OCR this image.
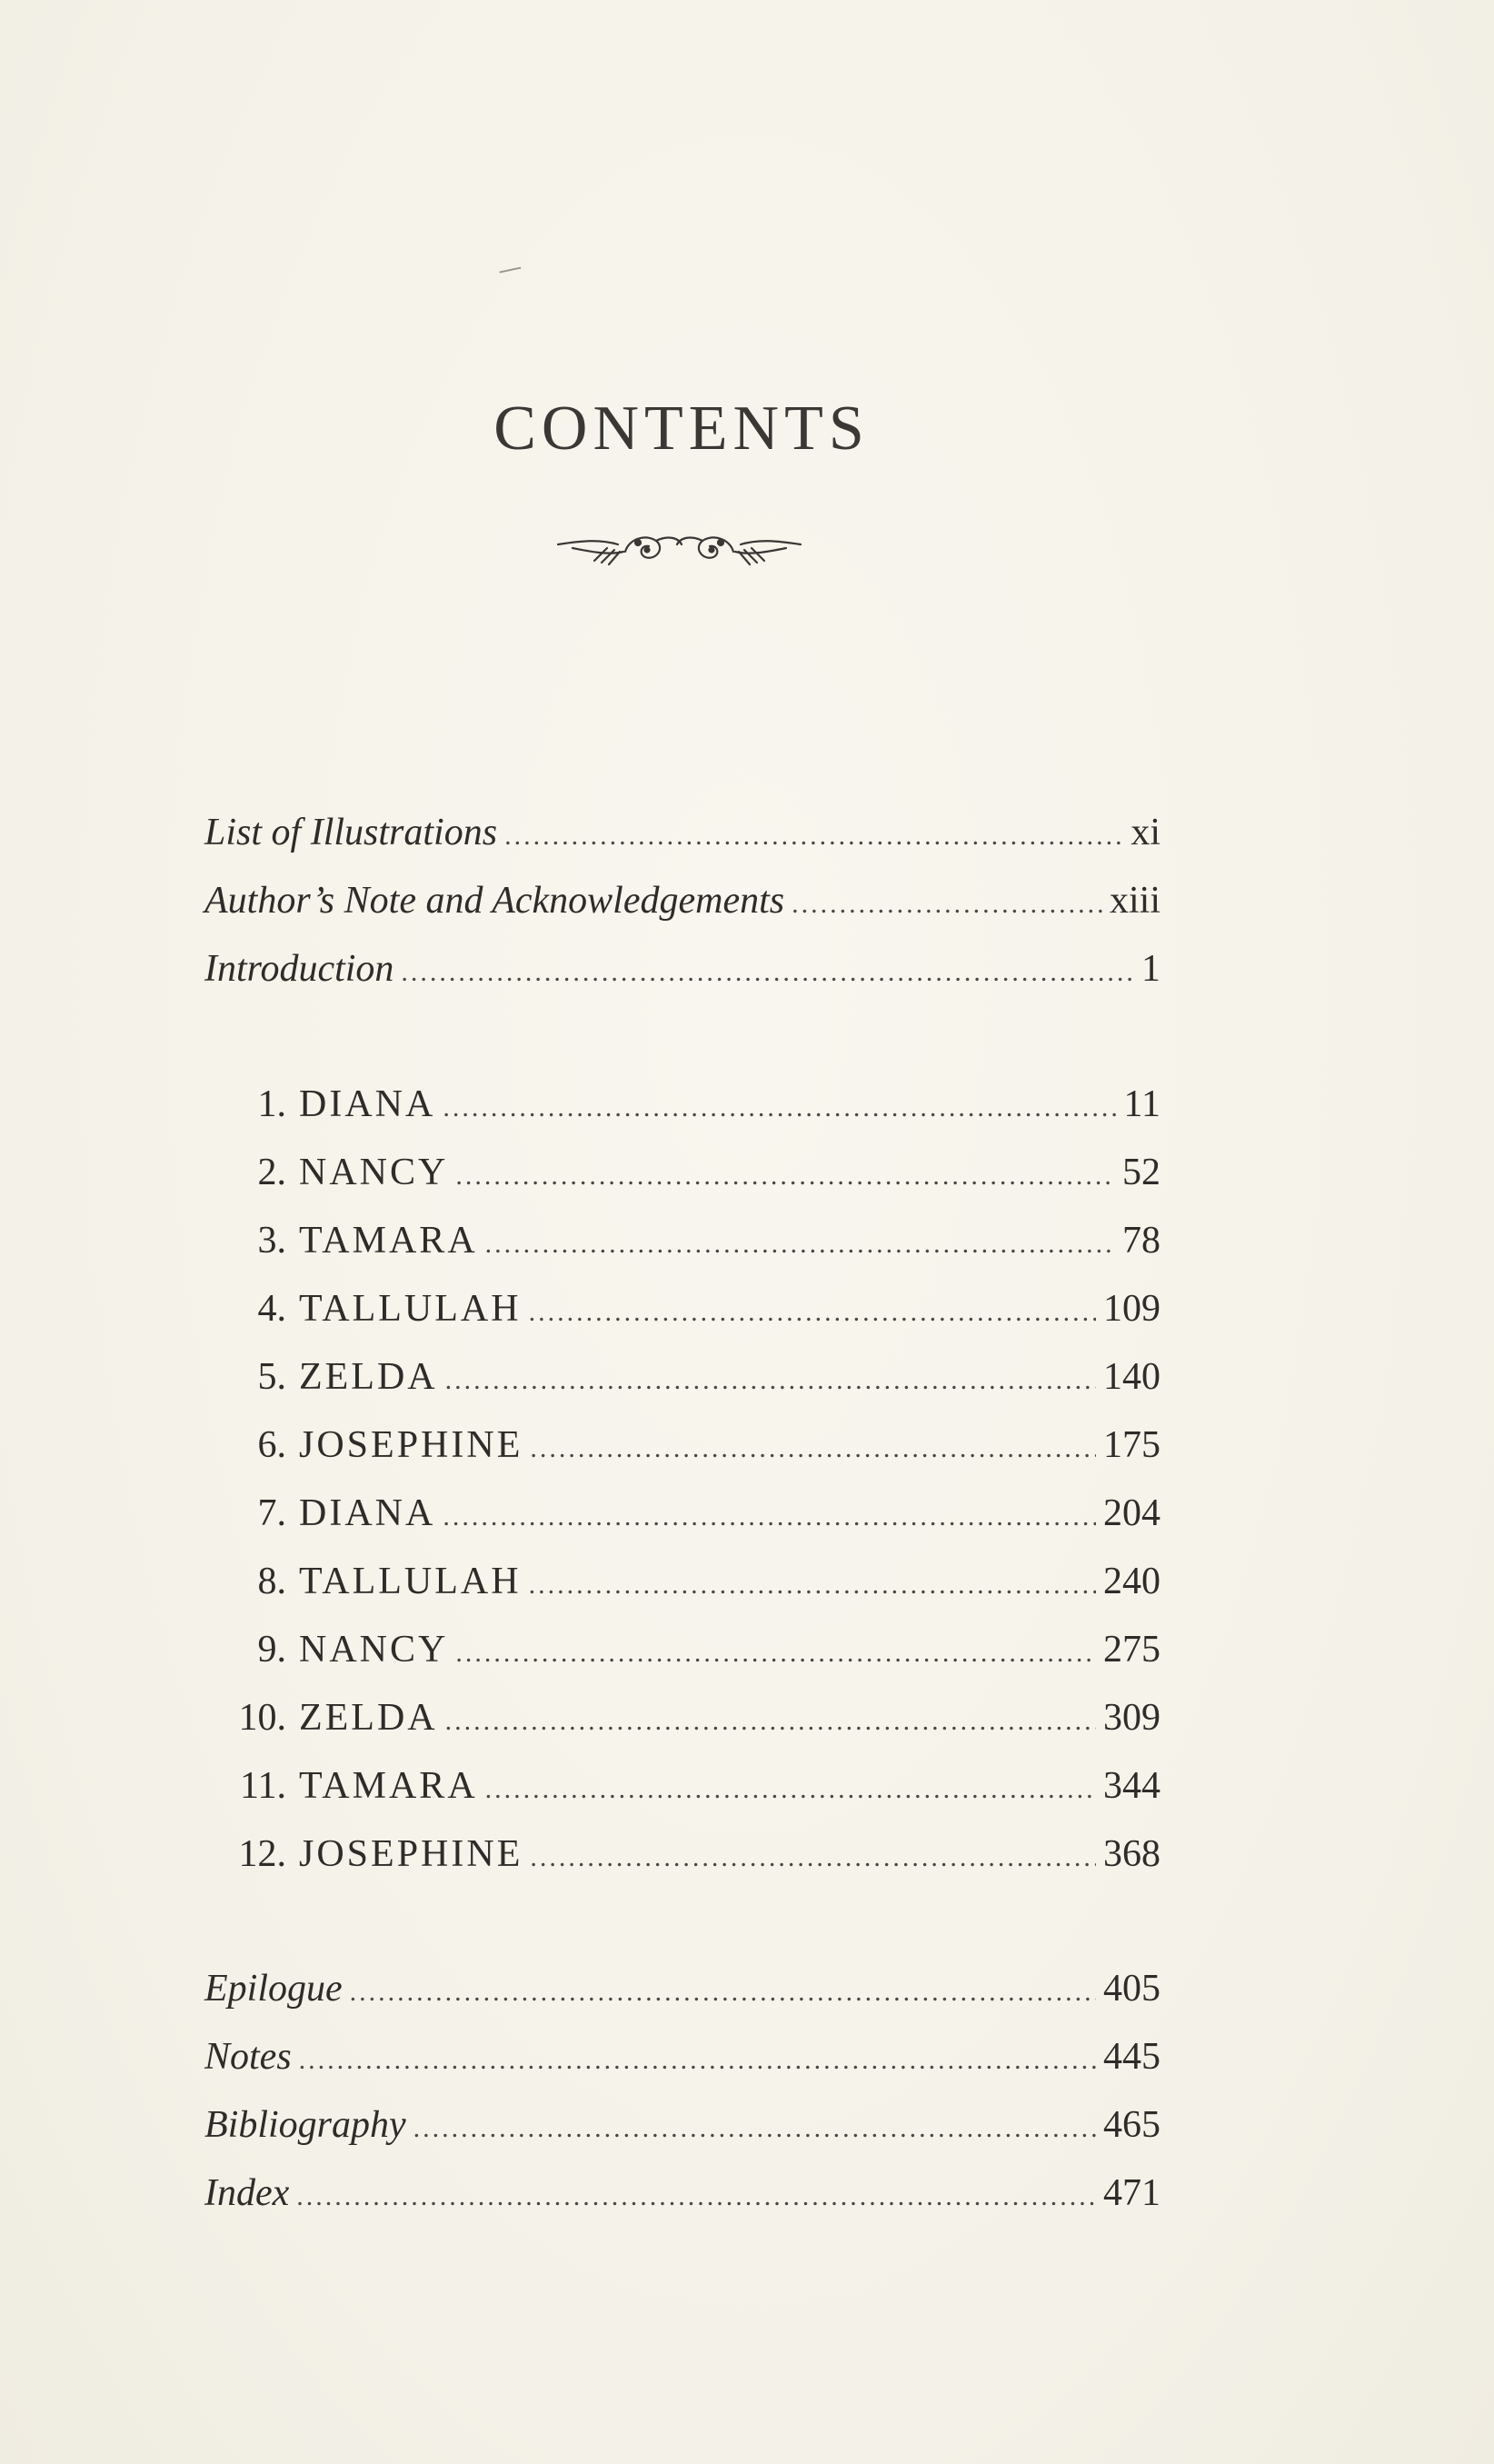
CONTENTS
List of Illustrations .....	xi
Author’s Note and Acknowledgements .....	xiii
Introduction .....	1
1. DIANA .....	11
2. NANCY .....	52
3. TAMARA .....	78
4. TALLULAH .....	109
5. ZELDA .....	140
6. JOSEPHINE .....	175
7. DIANA .....	204
8. TALLULAH .....	240
9. NANCY .....	275
10. ZELDA .....	309
11. TAMARA .....	344
12. JOSEPHINE .....	368
Epilogue .....	405
Notes .....	445
Bibliography .....	465
Index .....	471
